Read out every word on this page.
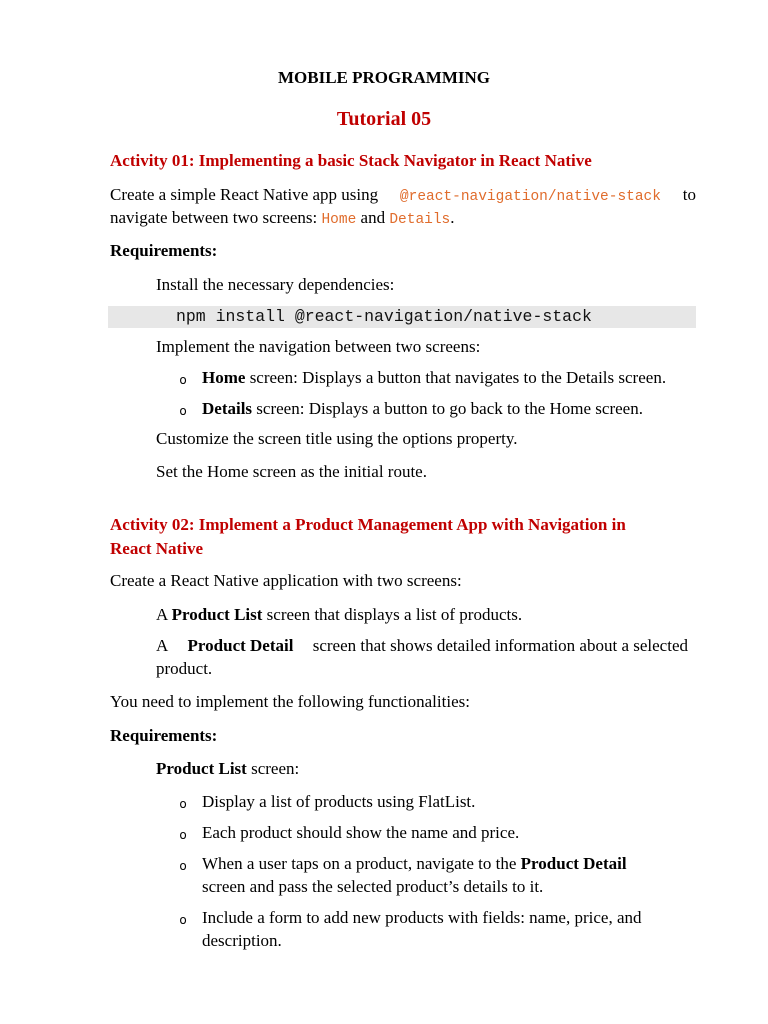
MOBILE PROGRAMMING
Tutorial 05
Activity 01: Implementing a basic Stack Navigator in React Native
Create a simple React Native app using @react-navigation/native-stack to
navigate between two screens: Home and Details.
Requirements:
Install the necessary dependencies:
npm install @react-navigation/native-stack
Implement the navigation between two screens:
o Home screen: Displays a button that navigates to the Details screen.
o Details screen: Displays a button to go back to the Home screen.
Customize the screen title using the options property.
Set the Home screen as the initial route.
Activity 02: Implement a Product Management App with Navigation in
React Native
Create a React Native application with two screens:
A Product List screen that displays a list of products.
A Product Detail screen that shows detailed information about a selected
product.
You need to implement the following functionalities:
Requirements:
Product List screen:
o Display a list of products using FlatList.
o Each product should show the name and price.
o When a user taps on a product, navigate to the Product Detail
screen and pass the selected product’s details to it.
o Include a form to add new products with fields: name, price, and
description.
